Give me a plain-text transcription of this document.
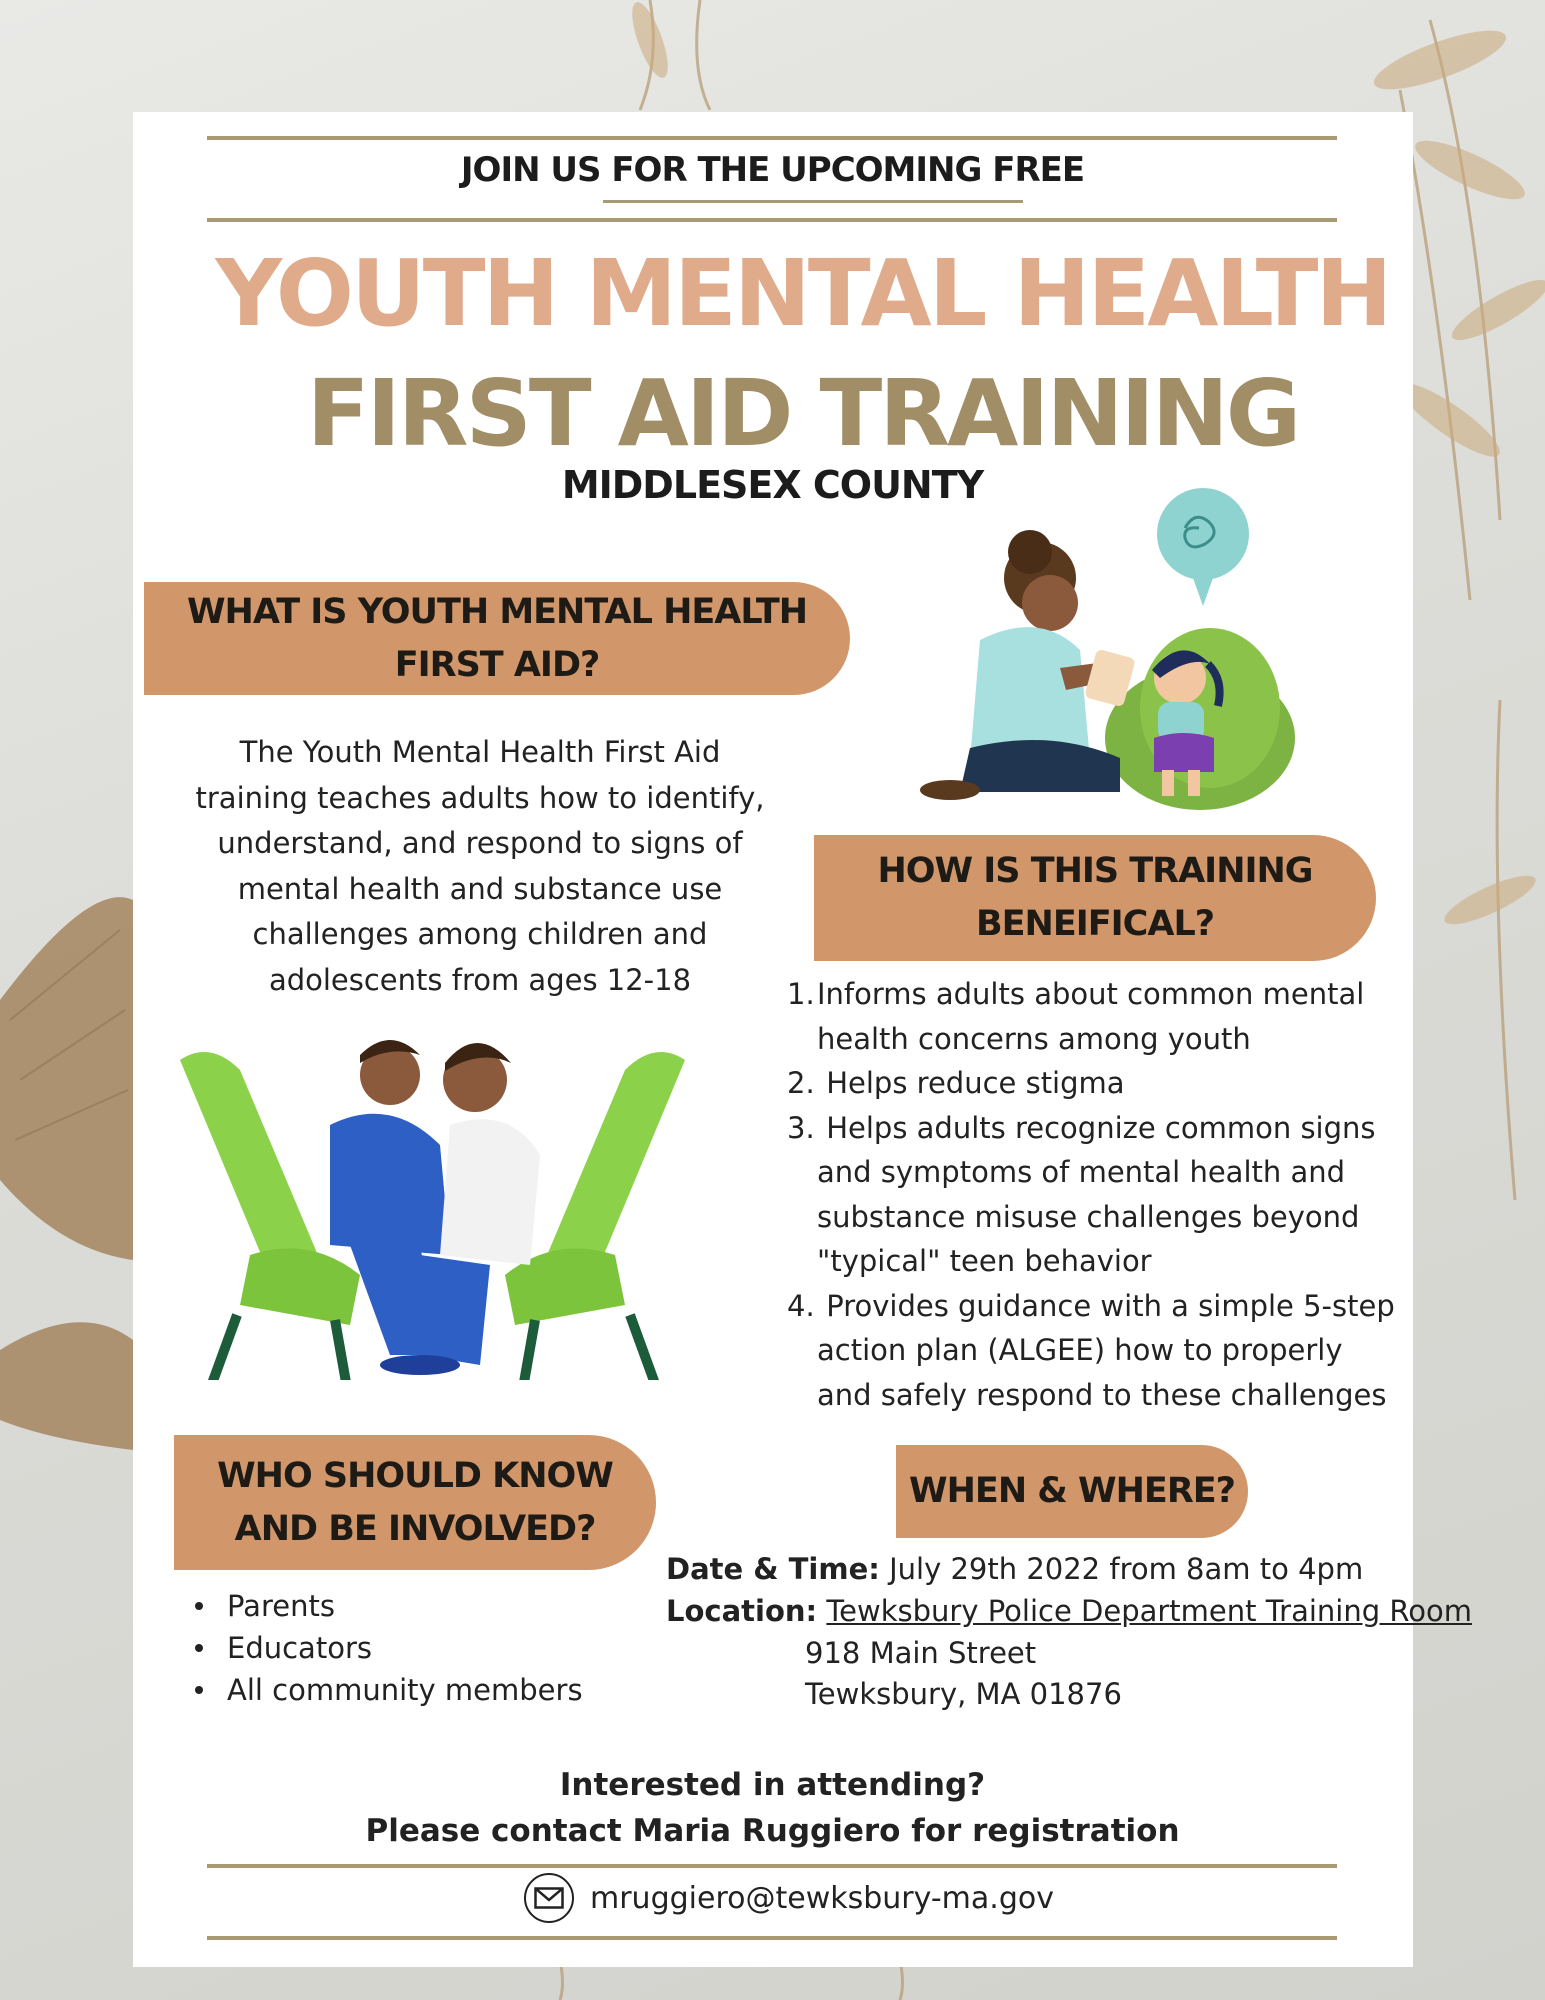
JOIN US FOR THE UPCOMING FREE
YOUTH MENTAL HEALTH
FIRST AID TRAINING
MIDDLESEX COUNTY
WHAT IS YOUTH MENTAL HEALTH
FIRST AID?
The Youth Mental Health First Aid
training teaches adults how to identify,
understand, and respond to signs of
mental health and substance use
challenges among children and
adolescents from ages 12-18
HOW IS THIS TRAINING
BENEIFICAL?
1. Informs adults about common mental
health concerns among youth
2. Helps reduce stigma
3. Helps adults recognize common signs
and symptoms of mental health and
substance misuse challenges beyond
"typical" teen behavior
4. Provides guidance with a simple 5-step
action plan (ALGEE) how to properly
and safely respond to these challenges
WHO SHOULD KNOW
AND BE INVOLVED?
Parents
Educators
All community members
WHEN & WHERE?
Date & Time: July 29th 2022 from 8am to 4pm
Location: Tewksbury Police Department Training Room
918 Main Street
Tewksbury, MA 01876
Interested in attending?
Please contact Maria Ruggiero for registration
mruggiero@tewksbury-ma.gov
